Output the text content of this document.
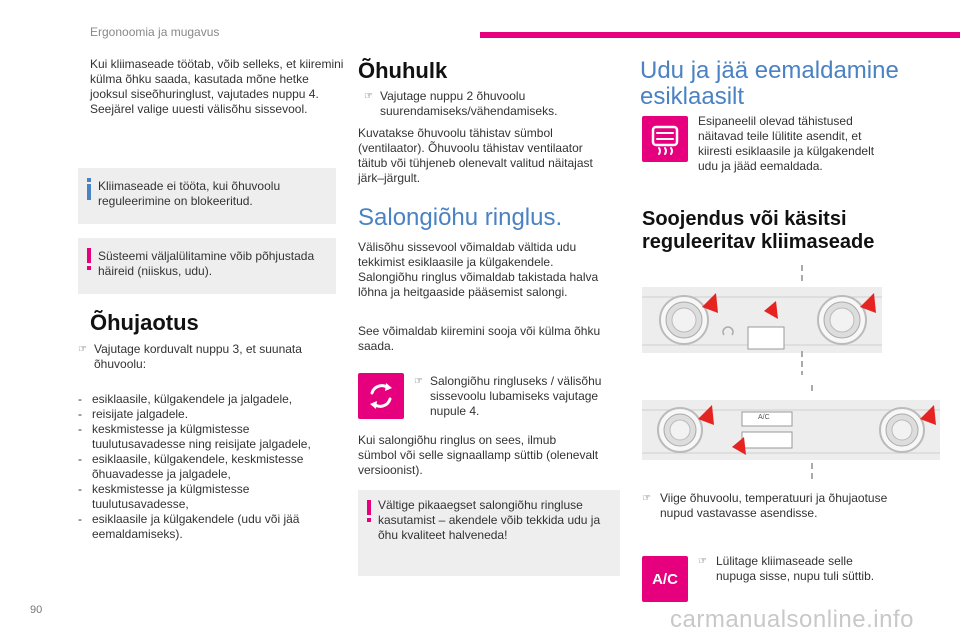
Ergonoomia ja mugavus
Kui kliimaseade töötab, võib selleks, et kiiremini
külma õhku saada, kasutada mõne hetke
jooksul siseõhuringlust, vajutades nuppu 4.
Seejärel valige uuesti välisõhu sissevool.
Kliimaseade ei tööta, kui õhuvoolu
reguleerimine on blokeeritud.
Süsteemi väljalülitamine võib põhjustada
häireid (niiskus, udu).
Õhujaotus
☞ Vajutage korduvalt nuppu 3, et suunata
õhuvoolu:
- esiklaasile, külgakendele ja jalgadele,
- reisijate jalgadele.
- keskmistesse ja külgmistesse
tuulutusavadesse ning reisijate jalgadele,
- esiklaasile, külgakendele, keskmistesse
õhuavadesse ja jalgadele,
- keskmistesse ja külgmistesse
tuulutusavadesse,
- esiklaasile ja külgakendele (udu või jää
eemaldamiseks).
Õhuhulk
☞ Vajutage nuppu 2 õhuvoolu
suurendamiseks/vähendamiseks.
Kuvatakse õhuvoolu tähistav sümbol
(ventilaator). Õhuvoolu tähistav ventilaator
täitub või tühjeneb olenevalt valitud näitajast
järk–järgult.
Salongiõhu ringlus.
Välisõhu sissevool võimaldab vältida udu
tekkimist esiklaasile ja külgakendele.
Salongiõhu ringlus võimaldab takistada halva
lõhna ja heitgaaside pääsemist salongi.
See võimaldab kiiremini sooja või külma õhku
saada.
☞ Salongiõhu ringluseks / välisõhu
sissevoolu lubamiseks vajutage
nupule 4.
Kui salongiõhu ringlus on sees, ilmub
sümbol või selle signaallamp süttib (olenevalt
versioonist).
Vältige pikaaegset salongiõhu ringluse
kasutamist – akendele võib tekkida udu ja
õhu kvaliteet halveneda!
Udu ja jää eemaldamine
esiklaasilt
Esipaneelil olevad tähistused
näitavad teile lülitite asendit, et
kiiresti esiklaasile ja külgakendelt
udu ja jääd eemaldada.
Soojendus või käsitsi
reguleeritav kliimaseade
A/C
☞ Viige õhuvoolu, temperatuuri ja õhujaotuse
nupud vastavasse asendisse.
A/C
☞ Lülitage kliimaseade selle
nupuga sisse, nupu tuli süttib.
90	carmanualsonline.info
